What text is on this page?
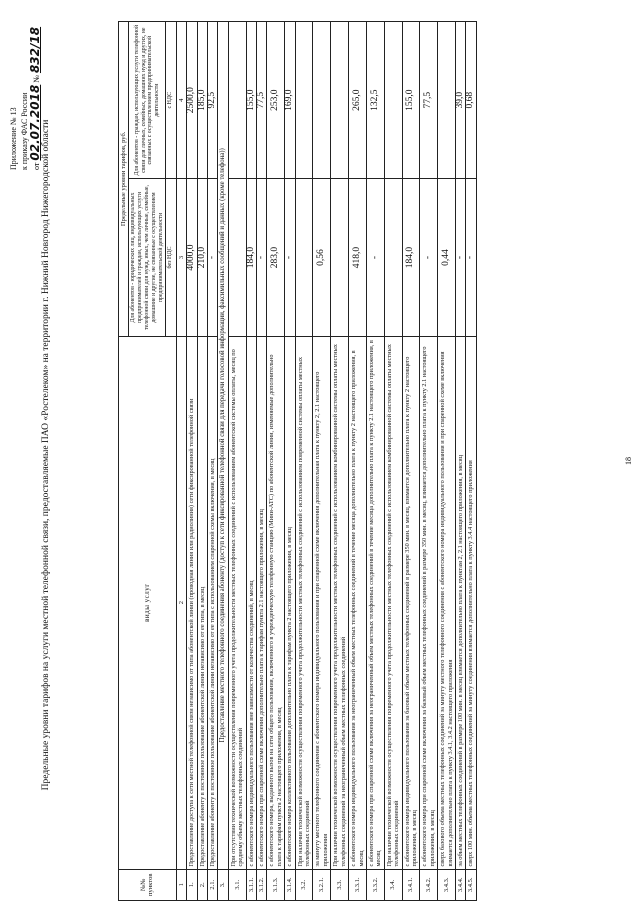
Приложение № 13 к приказу ФАС России от 02.07.2018 № 832/18
Предельные уровни тарифов на услуги местной телефонной связи, предоставляемые ПАО «Ростелеком» на территории г. Нижний Новгород Нижегородской области
№№ пунктов	виды услуг	Предельные уровни тарифов, руб.	
		Для абонентов - юридических лиц, индивидуальных предпринимателей и граждан, использующих услуги телефонной связи для нужд, иных, чем личные, семейные, домашние и другие, не связанные с осуществлением предпринимательской деятельности	Для абонентов - граждан, использующих услуги телефонной связи для личных, семейных, домашних нужд и других, не связанных с осуществлением предпринимательской деятельности
		без НДС	с НДС
1	2	3	4
1.	Предоставление доступа к сети местной телефонной связи независимо от типа абонентской линии (проводная линия или радиолиния) сети фиксированной телефонной связи	4000,0	2500,0
2.	Предоставление абоненту в постоянное пользование абонентской линии независимо от ее типа, в месяц	210,0	185,0
2.1.	Предоставление абоненту в постоянное пользование абонентской линии независимо от ее типа с использованием спаренной схемы включения, в месяц	-	92,5
3.	Предоставление местного телефонного соединения абоненту (доступ к сети фиксированной телефонной связи для передачи голосовой информации, факсимильных сообщений и данных (кроме телефона))		
3.1.	При отсутствии технической возможности осуществления повременного учета продолжительности местных телефонных соединений с использованием абонентской системы оплаты, месяц по среднему объему местных телефонных соединений		
3.1.1.	с абонентского номера индивидуального пользования вне зависимости от количества соединений, в месяц	184,0	155,0
3.1.2.	с абонентского номера при спаренной схеме включения дополнительно плата к тарифам пункта 2.1 настоящего приложения, в месяц	-	77,5
3.1.3.	с абонентского номера, выданного вызов на сети общего пользования, включенного в учрежденческую телефонную станцию (Мини-АТС) по абонентской линии, изменяемые дополнительно плата к тарифам пункта 2 настоящего приложения, в месяц	283,0	253,0
3.1.4.	с абонентского номера коллективного пользования дополнительно плата к тарифам пункта 2 настоящего приложения, в месяц	-	169,0
3.2.	При наличии технической возможности осуществления повременного учета продолжительности местных телефонных соединений с использованием повременной системы оплаты местных телефонных соединений		
3.2.1.	за минуту местного телефонного соединения с абонентского номера индивидуального пользования и при спаренной схеме включения дополнительная плата к пункту 2, 2.1 настоящего приложения	0,56	
3.3.	При наличии технической возможности осуществления повременного учета продолжительности местных телефонных соединений с использованием комбинированной системы оплаты местных телефонных соединений за неограниченный объем местных телефонных соединений		
3.3.1.	с абонентского номера индивидуального пользования за неограниченный объем местных телефонных соединений в течение месяца дополнительно плата к пункту 2 настоящего приложения, в месяц	418,0	265,0
3.3.2.	с абонентского номера при спаренной схеме включения за неограниченный объем местных телефонных соединений в течение месяца дополнительно плата к пункту 2.1 настоящего приложения, в месяц	-	132,5
3.4.	При наличии технической возможности осуществления повременного учета продолжительности местных телефонных соединений с использованием комбинированной системы оплаты местных телефонных соединений		
3.4.1.	с абонентского номера индивидуального пользования за базовый объем местных телефонных соединений в размере 350 мин. в месяц, взимается дополнительно плата к пункту 2 настоящего приложения, в месяц	184,0	155,0
3.4.2.	с абонентского номера при спаренной схеме включения за базовый объем местных телефонных соединений в размере 350 мин. в месяц, взимается дополнительно плата к пункту 2.1 настоящего приложения, в месяц	-	77,5
3.4.3.	сверх базового объема местных телефонных соединений за минуту местного телефонного соединения с абонентского номера индивидуального пользования и при спаренной схеме включения взимается дополнительно плата к пункту 3.4.1, 3.4.2 настоящего приложения	0,44	
3.4.4.	за объем местных телефонных соединений в размере 100 мин. в месяц взимается дополнительно плата к пунктам 2, 2.1 настоящего приложения, в месяц	-	39,0
3.4.5.	сверх 100 мин. объема местных телефонных соединений за минуту соединения взимается дополнительно плата к пункту 3.4.4 настоящего приложения	-	0,68
18
